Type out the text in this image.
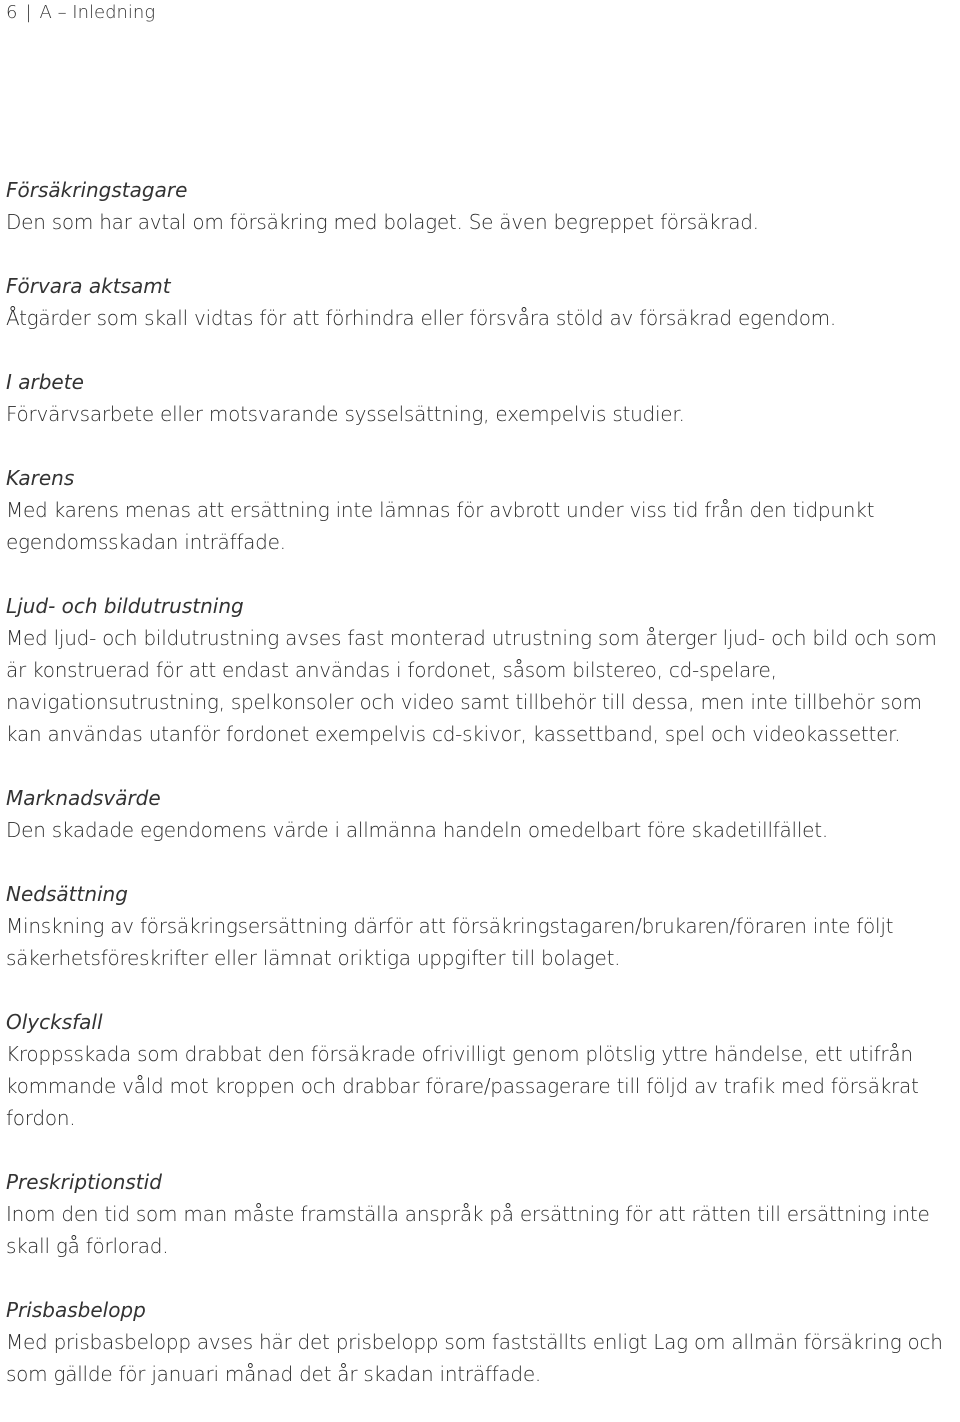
6 | A – Inledning
Försäkringstagare
Den som har avtal om försäkring med bolaget. Se även begreppet försäkrad.
Förvara aktsamt
Åtgärder som skall vidtas för att förhindra eller försvåra stöld av försäkrad egendom.
I arbete
Förvärvsarbete eller motsvarande sysselsättning, exempelvis studier.
Karens
Med karens menas att ersättning inte lämnas för avbrott under viss tid från den tidpunkt egendomsskadan inträffade.
Ljud- och bildutrustning
Med ljud- och bildutrustning avses fast monterad utrustning som återger ljud- och bild och som är konstruerad för att endast användas i fordonet, såsom bilstereo, cd-spelare, navigationsutrustning, spelkonsoler och video samt tillbehör till dessa, men inte tillbehör som kan användas utanför fordonet exempelvis cd-skivor, kassettband, spel och videokassetter.
Marknadsvärde
Den skadade egendomens värde i allmänna handeln omedelbart före skadetillfället.
Nedsättning
Minskning av försäkringsersättning därför att försäkringstagaren/brukaren/föraren inte följt säkerhetsföreskrifter eller lämnat oriktiga uppgifter till bolaget.
Olycksfall
Kroppsskada som drabbat den försäkrade ofrivilligt genom plötslig yttre händelse, ett utifrån kommande våld mot kroppen och drabbar förare/passagerare till följd av trafik med försäkrat fordon.
Preskriptionstid
Inom den tid som man måste framställa anspråk på ersättning för att rätten till ersättning inte skall gå förlorad.
Prisbasbelopp
Med prisbasbelopp avses här det prisbelopp som fastställts enligt Lag om allmän försäkring och som gällde för januari månad det år skadan inträffade.
